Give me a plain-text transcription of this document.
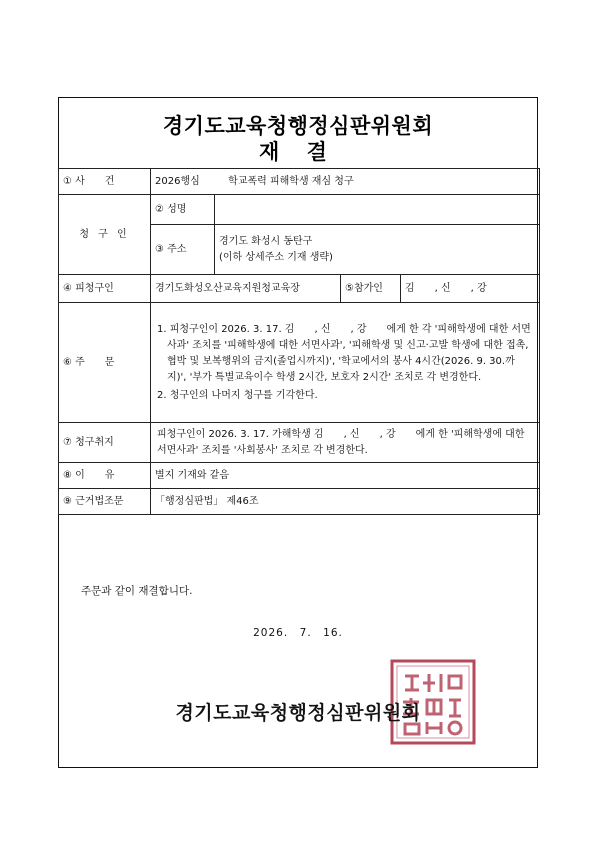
경기도교육청행정심판위원회
재 결
① 사　　건	2026행심 학교폭력 피해학생 재심 청구			
청 구 인	② 성명			
	③ 주소	경기도 화성시 동탄구
(이하 상세주소 기재 생략)		

④ 피청구인	경기도화성오산교육지원청교육장		⑤참가인	김　　, 신　　, 강
⑥ 주　　문	1. 피청구인이 2026. 3. 17. 김　　, 신　　, 강　　에게 한 각 '피해학생에 대한 서면사과' 조치를 '피해학생에 대한 서면사과', '피해학생 및 신고·고발 학생에 대한 접촉, 협박 및 보복행위의 금지(졸업시까지)', '학교에서의 봉사 4시간(2026. 9. 30.까지)', '부가 특별교육이수 학생 2시간, 보호자 2시간' 조치로 각 변경한다.
2. 청구인의 나머지 청구를 기각한다.			

⑦ 청구취지	피청구인이 2026. 3. 17. 가해학생 김　　, 신　　, 강　　에게 한 '피해학생에 대한 서면사과' 조치를 '사회봉사' 조치로 각 변경한다.			
⑧ 이　　유	별지 기재와 같음			
⑨ 근거법조문	「행정심판법」 제46조			
주문과 같이 재결합니다.
2026.　7.　16.
경기도교육청행정심판위원회
